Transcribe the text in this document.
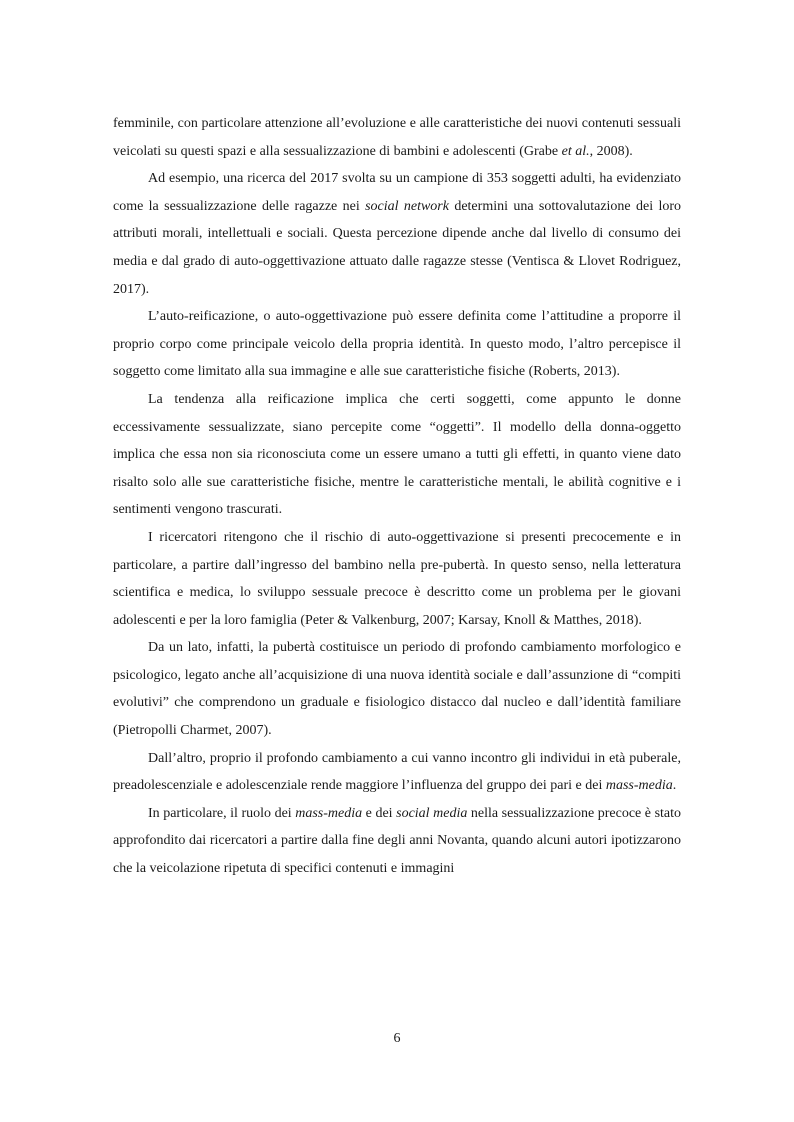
femminile, con particolare attenzione all’evoluzione e alle caratteristiche dei nuovi contenuti sessuali veicolati su questi spazi e alla sessualizzazione di bambini e adolescenti (Grabe et al., 2008).

Ad esempio, una ricerca del 2017 svolta su un campione di 353 soggetti adulti, ha evidenziato come la sessualizzazione delle ragazze nei social network determini una sottovalutazione dei loro attributi morali, intellettuali e sociali. Questa percezione dipende anche dal livello di consumo dei media e dal grado di auto-oggettivazione attuato dalle ragazze stesse (Ventisca & Llovet Rodriguez, 2017).

L’auto-reificazione, o auto-oggettivazione può essere definita come l’attitudine a proporre il proprio corpo come principale veicolo della propria identità. In questo modo, l’altro percepisce il soggetto come limitato alla sua immagine e alle sue caratteristiche fisiche (Roberts, 2013).

La tendenza alla reificazione implica che certi soggetti, come appunto le donne eccessivamente sessualizzate, siano percepite come “oggetti”. Il modello della donna-oggetto implica che essa non sia riconosciuta come un essere umano a tutti gli effetti, in quanto viene dato risalto solo alle sue caratteristiche fisiche, mentre le caratteristiche mentali, le abilità cognitive e i sentimenti vengono trascurati.

I ricercatori ritengono che il rischio di auto-oggettivazione si presenti precocemente e in particolare, a partire dall’ingresso del bambino nella pre-pubertà. In questo senso, nella letteratura scientifica e medica, lo sviluppo sessuale precoce è descritto come un problema per le giovani adolescenti e per la loro famiglia (Peter & Valkenburg, 2007; Karsay, Knoll & Matthes, 2018).

Da un lato, infatti, la pubertà costituisce un periodo di profondo cambiamento morfologico e psicologico, legato anche all’acquisizione di una nuova identità sociale e dall’assunzione di “compiti evolutivi” che comprendono un graduale e fisiologico distacco dal nucleo e dall’identità familiare (Pietropolli Charmet, 2007).

Dall’altro, proprio il profondo cambiamento a cui vanno incontro gli individui in età puberale, preadolescenziale e adolescenziale rende maggiore l’influenza del gruppo dei pari e dei mass-media.

In particolare, il ruolo dei mass-media e dei social media nella sessualizzazione precoce è stato approfondito dai ricercatori a partire dalla fine degli anni Novanta, quando alcuni autori ipotizzarono che la veicolazione ripetuta di specifici contenuti e immagini

6
